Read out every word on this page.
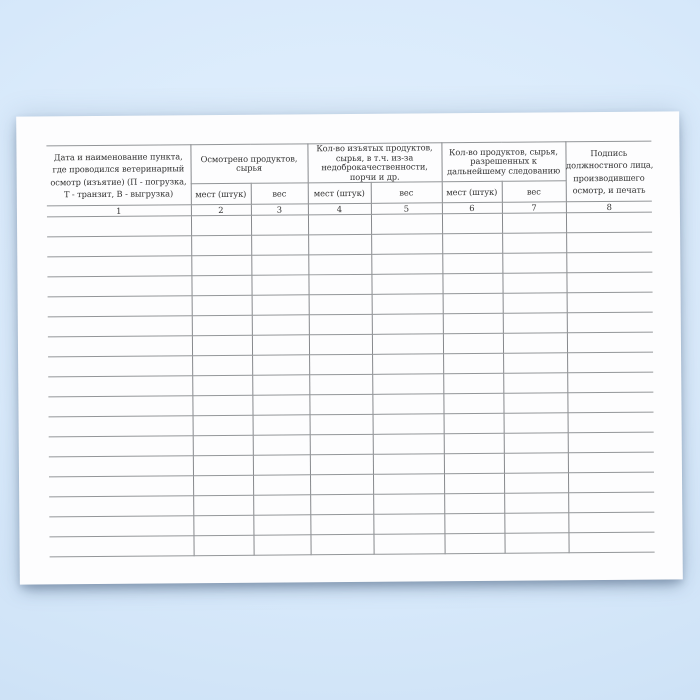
Дата и наименование пункта,
где проводился ветеринарный
осмотр (изъятие) (П - погрузка,
Т - транзит, В - выгрузка)	Осмотрено продуктов,
сырья		Кол-во изъятых продуктов,
сырья, в т.ч. из-за
недоброкачественности,
порчи и др.		Кол-во продуктов, сырья,
разрешенных к
дальнейшему следованию		Подпись
должностного лица,
производившего
осмотр, и печать
	мест (штук)	вес	мест (штук)	вес	мест (штук)	вес	
1	2	3	4	5	6	7	8
